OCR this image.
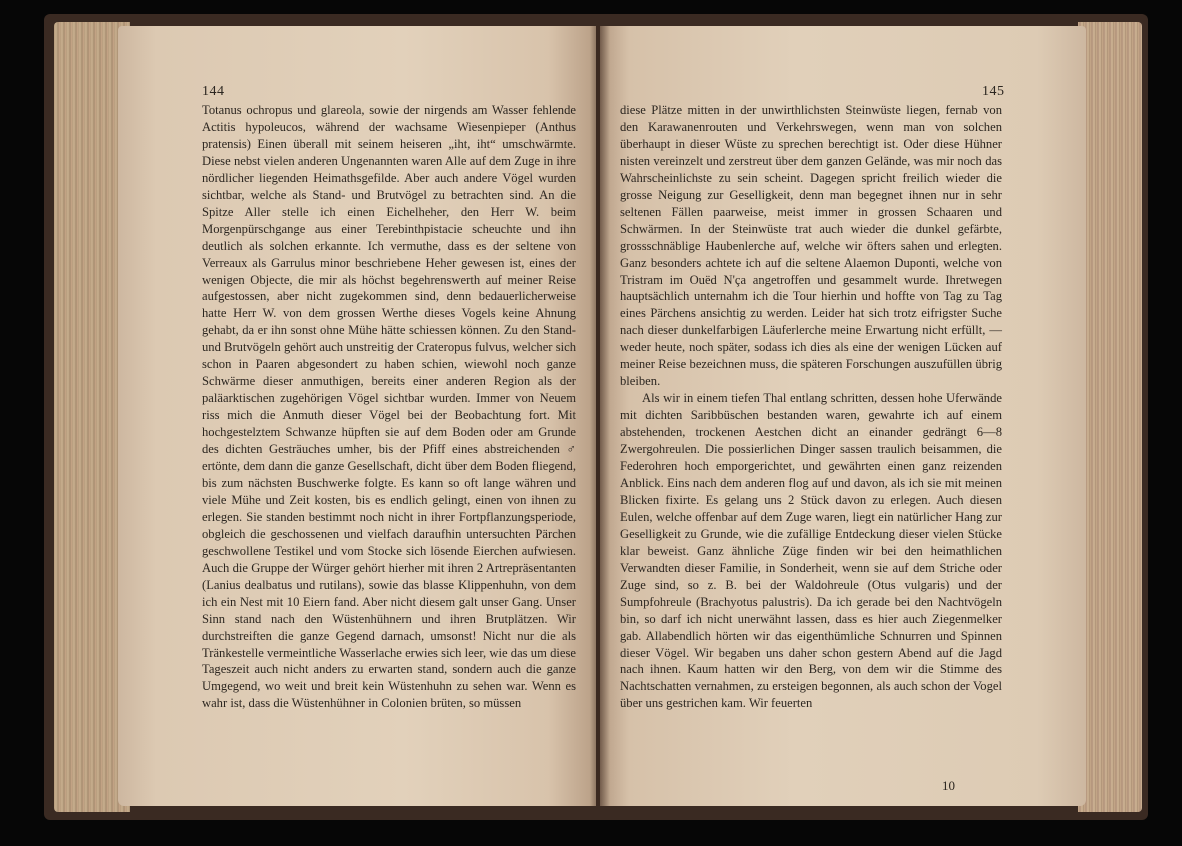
144

Totanus ochropus und glareola, sowie der nirgends am Wasser fehlende Actitis hypoleucos, während der wachsame Wiesenpieper (Anthus pratensis) Einen überall mit seinem heiseren „iht, iht“ umschwärmte. Diese nebst vielen anderen Ungenannten waren Alle auf dem Zuge in ihre nördlicher liegenden Heimathsgefilde. Aber auch andere Vögel wurden sichtbar, welche als Stand- und Brutvögel zu betrachten sind. An die Spitze Aller stelle ich einen Eichelheher, den Herr W. beim Morgenpürschgange aus einer Terebinthpistacie scheuchte und ihn deutlich als solchen erkannte. Ich vermuthe, dass es der seltene von Verreaux als Garrulus minor beschriebene Heher gewesen ist, eines der wenigen Objecte, die mir als höchst begehrenswerth auf meiner Reise aufgestossen, aber nicht zugekommen sind, denn bedauerlicherweise hatte Herr W. von dem grossen Werthe dieses Vogels keine Ahnung gehabt, da er ihn sonst ohne Mühe hätte schiessen können. Zu den Stand- und Brutvögeln gehört auch unstreitig der Crateropus fulvus, welcher sich schon in Paaren abgesondert zu haben schien, wiewohl noch ganze Schwärme dieser anmuthigen, bereits einer anderen Region als der paläarktischen zugehörigen Vögel sichtbar wurden. Immer von Neuem riss mich die Anmuth dieser Vögel bei der Beobachtung fort. Mit hochgestelztem Schwanze hüpften sie auf dem Boden oder am Grunde des dichten Gesträuches umher, bis der Pfiff eines abstreichenden ♂ ertönte, dem dann die ganze Gesellschaft, dicht über dem Boden fliegend, bis zum nächsten Buschwerke folgte. Es kann so oft lange währen und viele Mühe und Zeit kosten, bis es endlich gelingt, einen von ihnen zu erlegen. Sie standen bestimmt noch nicht in ihrer Fortpflanzungsperiode, obgleich die geschossenen und vielfach daraufhin untersuchten Pärchen geschwollene Testikel und vom Stocke sich lösende Eierchen aufwiesen. Auch die Gruppe der Würger gehört hierher mit ihren 2 Artrepräsentanten (Lanius dealbatus und rutilans), sowie das blasse Klippenhuhn, von dem ich ein Nest mit 10 Eiern fand. Aber nicht diesem galt unser Gang. Unser Sinn stand nach den Wüstenhühnern und ihren Brutplätzen. Wir durchstreiften die ganze Gegend darnach, umsonst! Nicht nur die als Tränkestelle vermeintliche Wasserlache erwies sich leer, wie das um diese Tageszeit auch nicht anders zu erwarten stand, sondern auch die ganze Umgegend, wo weit und breit kein Wüstenhuhn zu sehen war. Wenn es wahr ist, dass die Wüstenhühner in Colonien brüten, so müssen

145

diese Plätze mitten in der unwirthlichsten Steinwüste liegen, fernab von den Karawanenrouten und Verkehrswegen, wenn man von solchen überhaupt in dieser Wüste zu sprechen berechtigt ist. Oder diese Hühner nisten vereinzelt und zerstreut über dem ganzen Gelände, was mir noch das Wahrscheinlichste zu sein scheint. Dagegen spricht freilich wieder die grosse Neigung zur Geselligkeit, denn man begegnet ihnen nur in sehr seltenen Fällen paarweise, meist immer in grossen Schaaren und Schwärmen. In der Steinwüste trat auch wieder die dunkel gefärbte, grossschnäblige Haubenlerche auf, welche wir öfters sahen und erlegten. Ganz besonders achtete ich auf die seltene Alaemon Duponti, welche von Tristram im Ouëd N'ça angetroffen und gesammelt wurde. Ihretwegen hauptsächlich unternahm ich die Tour hierhin und hoffte von Tag zu Tag eines Pärchens ansichtig zu werden. Leider hat sich trotz eifrigster Suche nach dieser dunkelfarbigen Läuferlerche meine Erwartung nicht erfüllt, — weder heute, noch später, sodass ich dies als eine der wenigen Lücken auf meiner Reise bezeichnen muss, die späteren Forschungen auszufüllen übrig bleiben.

Als wir in einem tiefen Thal entlang schritten, dessen hohe Uferwände mit dichten Saribbüschen bestanden waren, gewahrte ich auf einem abstehenden, trockenen Aestchen dicht an einander gedrängt 6—8 Zwergohreulen. Die possierlichen Dinger sassen traulich beisammen, die Federohren hoch emporgerichtet, und gewährten einen ganz reizenden Anblick. Eins nach dem anderen flog auf und davon, als ich sie mit meinen Blicken fixirte. Es gelang uns 2 Stück davon zu erlegen. Auch diesen Eulen, welche offenbar auf dem Zuge waren, liegt ein natürlicher Hang zur Geselligkeit zu Grunde, wie die zufällige Entdeckung dieser vielen Stücke klar beweist. Ganz ähnliche Züge finden wir bei den heimathlichen Verwandten dieser Familie, in Sonderheit, wenn sie auf dem Striche oder Zuge sind, so z. B. bei der Waldohreule (Otus vulgaris) und der Sumpfohreule (Brachyotus palustris). Da ich gerade bei den Nachtvögeln bin, so darf ich nicht unerwähnt lassen, dass es hier auch Ziegenmelker gab. Allabendlich hörten wir das eigenthümliche Schnurren und Spinnen dieser Vögel. Wir begaben uns daher schon gestern Abend auf die Jagd nach ihnen. Kaum hatten wir den Berg, von dem wir die Stimme des Nachtschatten vernahmen, zu ersteigen begonnen, als auch schon der Vogel über uns gestrichen kam. Wir feuerten

10
